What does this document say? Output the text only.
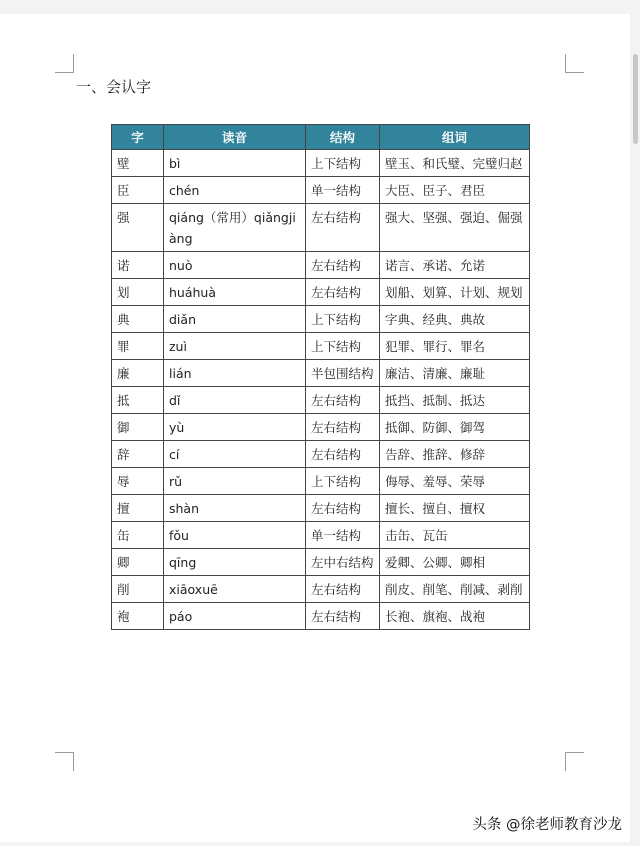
一、会认字
字	读音	结构	组词
壁	bì	上下结构	壁玉、和氏璧、完璧归赵
臣	chén	单一结构	大臣、臣子、君臣
强	qiáng（常用）qiǎngjiàng	左右结构	强大、坚强、强迫、倔强
诺	nuò	左右结构	诺言、承诺、允诺
划	huáhuà	左右结构	划船、划算、计划、规划
典	diǎn	上下结构	字典、经典、典故
罪	zuì	上下结构	犯罪、罪行、罪名
廉	lián	半包围结构	廉洁、清廉、廉耻
抵	dǐ	左右结构	抵挡、抵制、抵达
御	yù	左右结构	抵御、防御、御驾
辞	cí	左右结构	告辞、推辞、修辞
辱	rǔ	上下结构	侮辱、羞辱、荣辱
擅	shàn	左右结构	擅长、擅自、擅权
缶	fǒu	单一结构	击缶、瓦缶
卿	qīng	左中右结构	爱卿、公卿、卿相
削	xiāoxuē	左右结构	削皮、削笔、削减、剥削
袍	páo	左右结构	长袍、旗袍、战袍
头条 @徐老师教育沙龙
